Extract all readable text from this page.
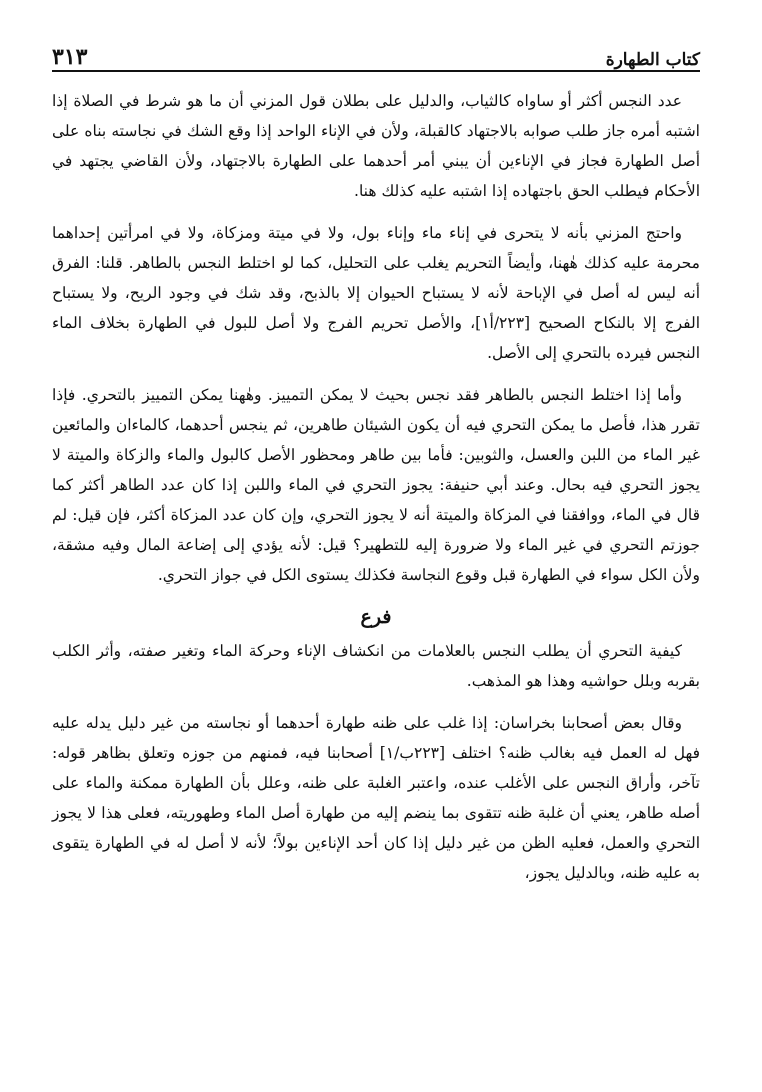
كتاب الطهارة
٣١٣

عدد النجس أكثر أو ساواه كالثياب، والدليل على بطلان قول المزني أن ما هو شرط في الصلاة إذا اشتبه أمره جاز طلب صوابه بالاجتهاد كالقبلة، ولأن في الإناء الواحد إذا وقع الشك في نجاسته بناه على أصل الطهارة فجاز في الإناءين أن يبني أمر أحدهما على الطهارة بالاجتهاد، ولأن القاضي يجتهد في الأحكام فيطلب الحق باجتهاده إذا اشتبه عليه كذلك هنا.

واحتج المزني بأنه لا يتحرى في إناء ماء وإناء بول، ولا في ميتة ومزكاة، ولا في امرأتين إحداهما محرمة عليه كذلك هٰهنا، وأيضاً التحريم يغلب على التحليل، كما لو اختلط النجس بالطاهر. قلنا: الفرق أنه ليس له أصل في الإباحة لأنه لا يستباح الحيوان إلا بالذبح، وقد شك في وجود الريح، ولا يستباح الفرج إلا بالنكاح الصحيح [٢٢٣/أ١]، والأصل تحريم الفرج ولا أصل للبول في الطهارة بخلاف الماء النجس فيرده بالتحري إلى الأصل.

وأما إذا اختلط النجس بالطاهر فقد نجس بحيث لا يمكن التمييز. وهٰهنا يمكن التمييز بالتحري. فإذا تقرر هذا، فأصل ما يمكن التحري فيه أن يكون الشيئان طاهرين، ثم ينجس أحدهما، كالماءان والمائعين غير الماء من اللبن والعسل، والثوبين: فأما بين طاهر ومحظور الأصل كالبول والماء والزكاة والميتة لا يجوز التحري فيه بحال. وعند أبي حنيفة: يجوز التحري في الماء واللبن إذا كان عدد الطاهر أكثر كما قال في الماء، ووافقنا في المزكاة والميتة أنه لا يجوز التحري، وإن كان عدد المزكاة أكثر، فإن قيل: لم جوزتم التحري في غير الماء ولا ضرورة إليه للتطهير؟ قيل: لأنه يؤدي إلى إضاعة المال وفيه مشقة، ولأن الكل سواء في الطهارة قبل وقوع النجاسة فكذلك يستوى الكل في جواز التحري.

فرع

كيفية التحري أن يطلب النجس بالعلامات من انكشاف الإناء وحركة الماء وتغير صفته، وأثر الكلب بقربه وبلل حواشيه وهذا هو المذهب.

وقال بعض أصحابنا بخراسان: إذا غلب على ظنه طهارة أحدهما أو نجاسته من غير دليل يدله عليه فهل له العمل فيه بغالب ظنه؟ اختلف [٢٢٣ب/١] أصحابنا فيه، فمنهم من جوزه وتعلق بظاهر قوله: تآخر، وأراق النجس على الأغلب عنده، واعتبر الغلبة على ظنه، وعلل بأن الطهارة ممكنة والماء على أصله طاهر، يعني أن غلبة ظنه تتقوى بما ينضم إليه من طهارة أصل الماء وطهوريته، فعلى هذا لا يجوز التحري والعمل، فعليه الظن من غير دليل إذا كان أحد الإناءين بولاً؛ لأنه لا أصل له في الطهارة يتقوى به عليه ظنه، وبالدليل يجوز،
